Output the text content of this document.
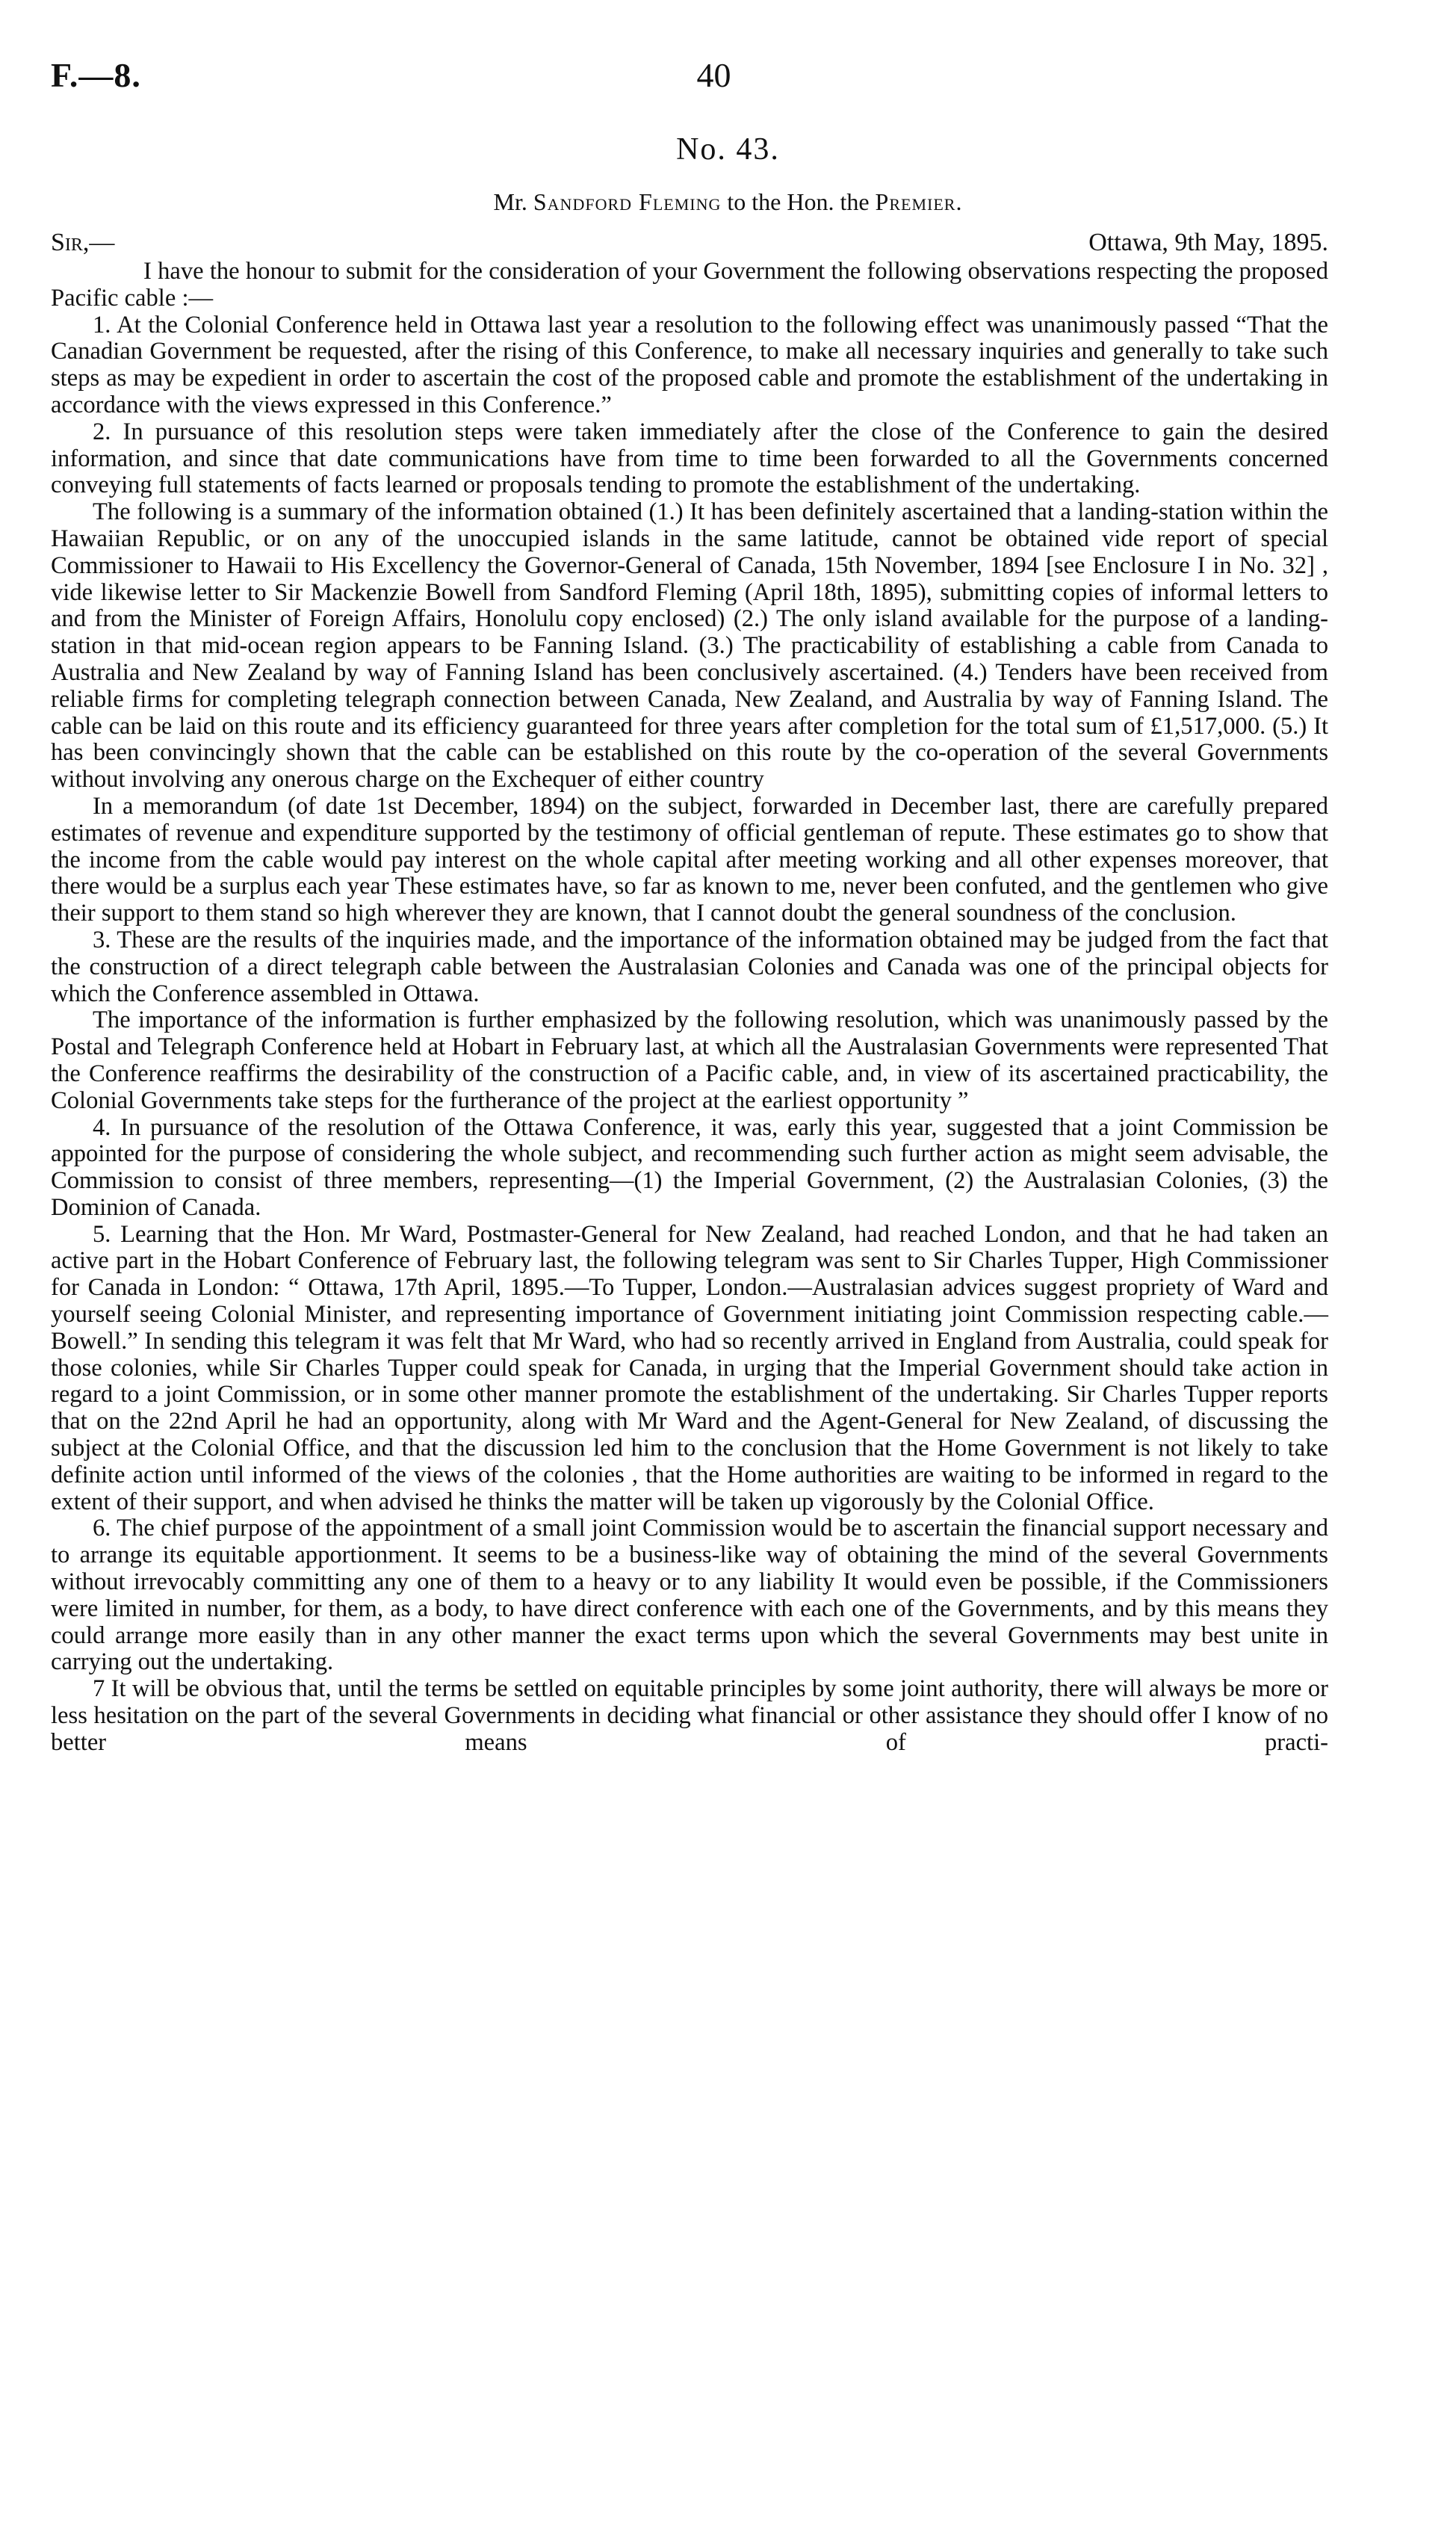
F.—8.	40
No. 43.
Mr. Sandford Fleming to the Hon. the Premier.
Sir,—	Ottawa, 9th May, 1895.

I have the honour to submit for the consideration of your Government the following observations respecting the proposed Pacific cable :—

1. At the Colonial Conference held in Ottawa last year a resolution to the following effect was unanimously passed “That the Canadian Government be requested, after the rising of this Conference, to make all necessary inquiries and generally to take such steps as may be expedient in order to ascertain the cost of the proposed cable and promote the establishment of the undertaking in accordance with the views expressed in this Conference.”

2. In pursuance of this resolution steps were taken immediately after the close of the Conference to gain the desired information, and since that date communications have from time to time been forwarded to all the Governments concerned conveying full statements of facts learned or proposals tending to promote the establishment of the undertaking.

The following is a summary of the information obtained (1.) It has been definitely ascertained that a landing-station within the Hawaiian Republic, or on any of the unoccupied islands in the same latitude, cannot be obtained vide report of special Commissioner to Hawaii to His Excellency the Governor-General of Canada, 15th November, 1894 [see Enclosure I in No. 32] , vide likewise letter to Sir Mackenzie Bowell from Sandford Fleming (April 18th, 1895), submitting copies of informal letters to and from the Minister of Foreign Affairs, Honolulu copy enclosed) (2.) The only island available for the purpose of a landing-station in that mid-ocean region appears to be Fanning Island. (3.) The practicability of establishing a cable from Canada to Australia and New Zealand by way of Fanning Island has been conclusively ascertained. (4.) Tenders have been received from reliable firms for completing telegraph connection between Canada, New Zealand, and Australia by way of Fanning Island. The cable can be laid on this route and its efficiency guaranteed for three years after completion for the total sum of £1,517,000. (5.) It has been convincingly shown that the cable can be established on this route by the co-operation of the several Governments without involving any onerous charge on the Exchequer of either country

In a memorandum (of date 1st December, 1894) on the subject, forwarded in December last, there are carefully prepared estimates of revenue and expenditure supported by the testimony of official gentleman of repute. These estimates go to show that the income from the cable would pay interest on the whole capital after meeting working and all other expenses moreover, that there would be a surplus each year These estimates have, so far as known to me, never been confuted, and the gentlemen who give their support to them stand so high wherever they are known, that I cannot doubt the general soundness of the conclusion.

3. These are the results of the inquiries made, and the importance of the information obtained may be judged from the fact that the construction of a direct telegraph cable between the Australasian Colonies and Canada was one of the principal objects for which the Conference assembled in Ottawa.

The importance of the information is further emphasized by the following resolution, which was unanimously passed by the Postal and Telegraph Conference held at Hobart in February last, at which all the Australasian Governments were represented That the Conference reaffirms the desirability of the construction of a Pacific cable, and, in view of its ascertained practicability, the Colonial Governments take steps for the furtherance of the project at the earliest opportunity ”

4. In pursuance of the resolution of the Ottawa Conference, it was, early this year, suggested that a joint Commission be appointed for the purpose of considering the whole subject, and recommending such further action as might seem advisable, the Commission to consist of three members, representing—(1) the Imperial Government, (2) the Australasian Colonies, (3) the Dominion of Canada.

5. Learning that the Hon. Mr Ward, Postmaster-General for New Zealand, had reached London, and that he had taken an active part in the Hobart Conference of February last, the following telegram was sent to Sir Charles Tupper, High Commissioner for Canada in London: “ Ottawa, 17th April, 1895.—To Tupper, London.—Australasian advices suggest propriety of Ward and yourself seeing Colonial Minister, and representing importance of Government initiating joint Commission respecting cable.—Bowell.” In sending this telegram it was felt that Mr Ward, who had so recently arrived in England from Australia, could speak for those colonies, while Sir Charles Tupper could speak for Canada, in urging that the Imperial Government should take action in regard to a joint Commission, or in some other manner promote the establishment of the undertaking. Sir Charles Tupper reports that on the 22nd April he had an opportunity, along with Mr Ward and the Agent-General for New Zealand, of discussing the subject at the Colonial Office, and that the discussion led him to the conclusion that the Home Government is not likely to take definite action until informed of the views of the colonies , that the Home authorities are waiting to be informed in regard to the extent of their support, and when advised he thinks the matter will be taken up vigorously by the Colonial Office.

6. The chief purpose of the appointment of a small joint Commission would be to ascertain the financial support necessary and to arrange its equitable apportionment. It seems to be a business-like way of obtaining the mind of the several Governments without irrevocably committing any one of them to a heavy or to any liability It would even be possible, if the Commissioners were limited in number, for them, as a body, to have direct conference with each one of the Governments, and by this means they could arrange more easily than in any other manner the exact terms upon which the several Governments may best unite in carrying out the undertaking.

7 It will be obvious that, until the terms be settled on equitable principles by some joint authority, there will always be more or less hesitation on the part of the several Governments in deciding what financial or other assistance they should offer I know of no better means of practi-
